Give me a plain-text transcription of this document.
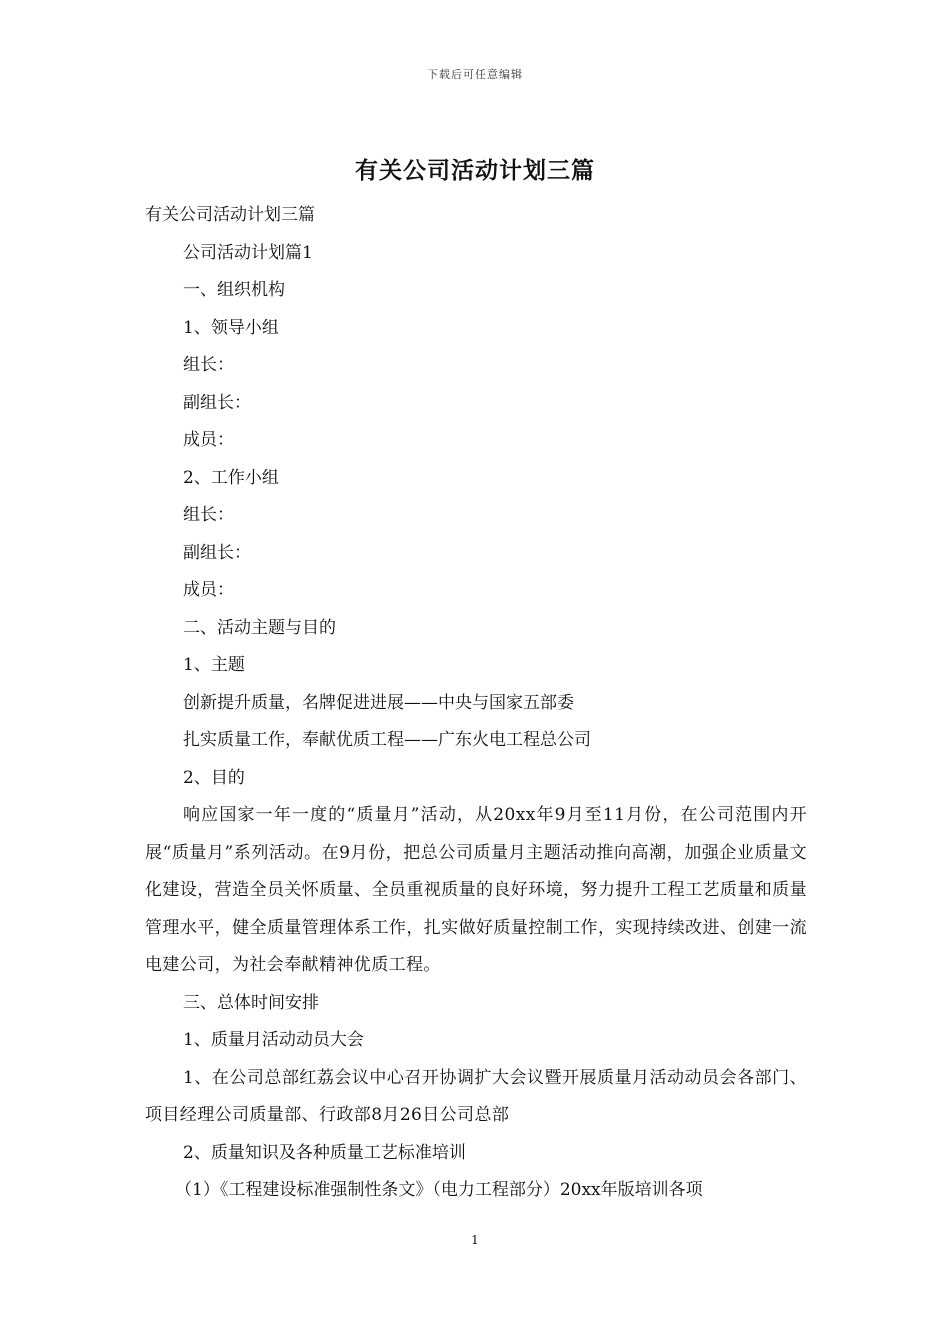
下载后可任意编辑
有关公司活动计划三篇
有关公司活动计划三篇
公司活动计划篇1
一、组织机构
1、领导小组
组长：
副组长：
成员：
2、工作小组
组长：
副组长：
成员：
二、活动主题与目的
1、主题
创新提升质量，名牌促进进展——中央与国家五部委
扎实质量工作，奉献优质工程——广东火电工程总公司
2、目的

响应国家一年一度的“质量月”活动，从20xx年9月至11月份，在公司范围内开展“质量月”系列活动。在9月份，把总公司质量月主题活动推向高潮，加强企业质量文化建设，营造全员关怀质量、全员重视质量的良好环境，努力提升工程工艺质量和质量管理水平，健全质量管理体系工作，扎实做好质量控制工作，实现持续改进、创建一流电建公司，为社会奉献精神优质工程。

三、总体时间安排
1、质量月活动动员大会

1、在公司总部红荔会议中心召开协调扩大会议暨开展质量月活动动员会各部门、项目经理公司质量部、行政部8月26日公司总部

2、质量知识及各种质量工艺标准培训
（1）《工程建设标准强制性条文》（电力工程部分）20xx年版培训各项
1
